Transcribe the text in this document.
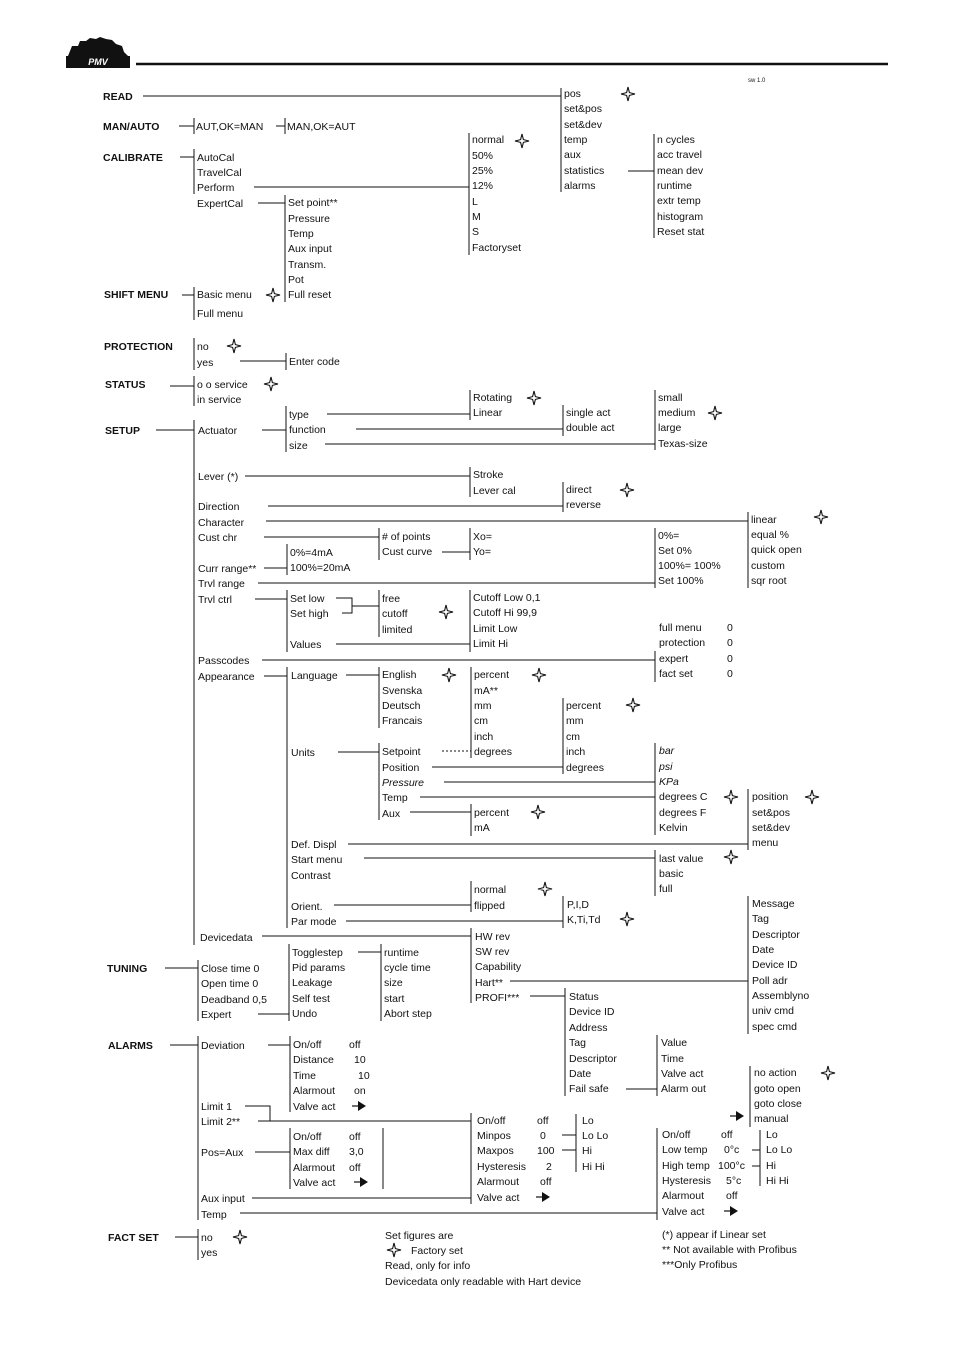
PMV
sw 1.0
READ
MAN/AUTO
CALIBRATE
SHIFT MENU
PROTECTION
STATUS
SETUP
TUNING
ALARMS
FACT SET
pos
set&pos
set&dev
temp
aux
statistics
alarms
n cycles
acc travel
mean dev
runtime
extr temp
histogram
Reset stat
AUT,OK=MAN MAN,OK=AUT
AutoCal
TravelCal
Perform
ExpertCal
normal
50%
25%
12%
L
M
S
Factoryset
Set point**
Pressure
Temp
Aux input
Transm.
Pot
Full reset
Basic menu
Full menu
no
yes	Enter code
o o service
in service
Actuator
type
function
size
Rotating
Linear	single act
double act
small
medium
large
Texas-size
Lever (*)	Stroke
Lever cal
Direction
direct
reverse
Character	linear
equal %
quick open
custom
sqr root
Cust chr	# of points
Cust curve
Xo=
Yo=
Curr range**
0%=4mA
100%=20mA
Trvl range
0%=
Set 0%
100%= 100%
Set 100%
Trvl ctrl	Set low
Set high
Values
free
cutoff
limited
Cutoff Low 0,1
Cutoff Hi 99,9
Limit Low
Limit Hi
Passcodes
full menu 0
protection 0
expert	0
fact set	0
Appearance	Language
Units
Def. Displ
Start menu
Contrast
Orient.
Par mode
English
Svenska
Deutsch
Francais
Setpoint
Position
Pressure
Temp
Aux
percent
mA**
mm
cm
inch
degrees
percent
mm
cm
inch
degrees
bar
psi
KPa
degrees C
degrees F
Kelvin
percent
mA
position
set&pos
set&dev
menu
last value
basic
full
normal
flipped	P,I,D
K,Ti,Td
Devicedata	HW rev
SW rev
Capability
Hart**
PROFI***
Message
Tag
Descriptor
Date
Device ID
Poll adr
Assemblyno
univ cmd
spec cmd
Status
Device ID
Address
Tag
Descriptor
Date
Fail safe
Value
Time
Valve act
Alarm out
Close time 0
Open time 0
Deadband 0,5
Expert
Togglestep
Pid params
Leakage
Self test
Undo
runtime
cycle time
size
start
Abort step
Deviation
Limit 1
Limit 2**
Pos=Aux
Aux input
Temp
On/off	off
Distance 10
Time	10
Alarmout on
Valve act
On/off	off
Minpos	0
Maxpos 100
Hysteresis 2
Alarmout off
Valve act
Lo
Lo Lo
Hi
Hi Hi
On/off	off
Max diff 3,0
Alarmout off
Valve act
On/off	off
Low temp 0°c
High temp 100°c
Hysteresis 5°c
Alarmout off
Valve act
Lo
Lo Lo
Hi
Hi Hi
no action
goto open
goto close
manual
no
yes
Set figures are
Factory set
Read, only for info
Devicedata only readable with Hart device
(*) appear if Linear set
** Not available with Profibus
***Only Profibus
